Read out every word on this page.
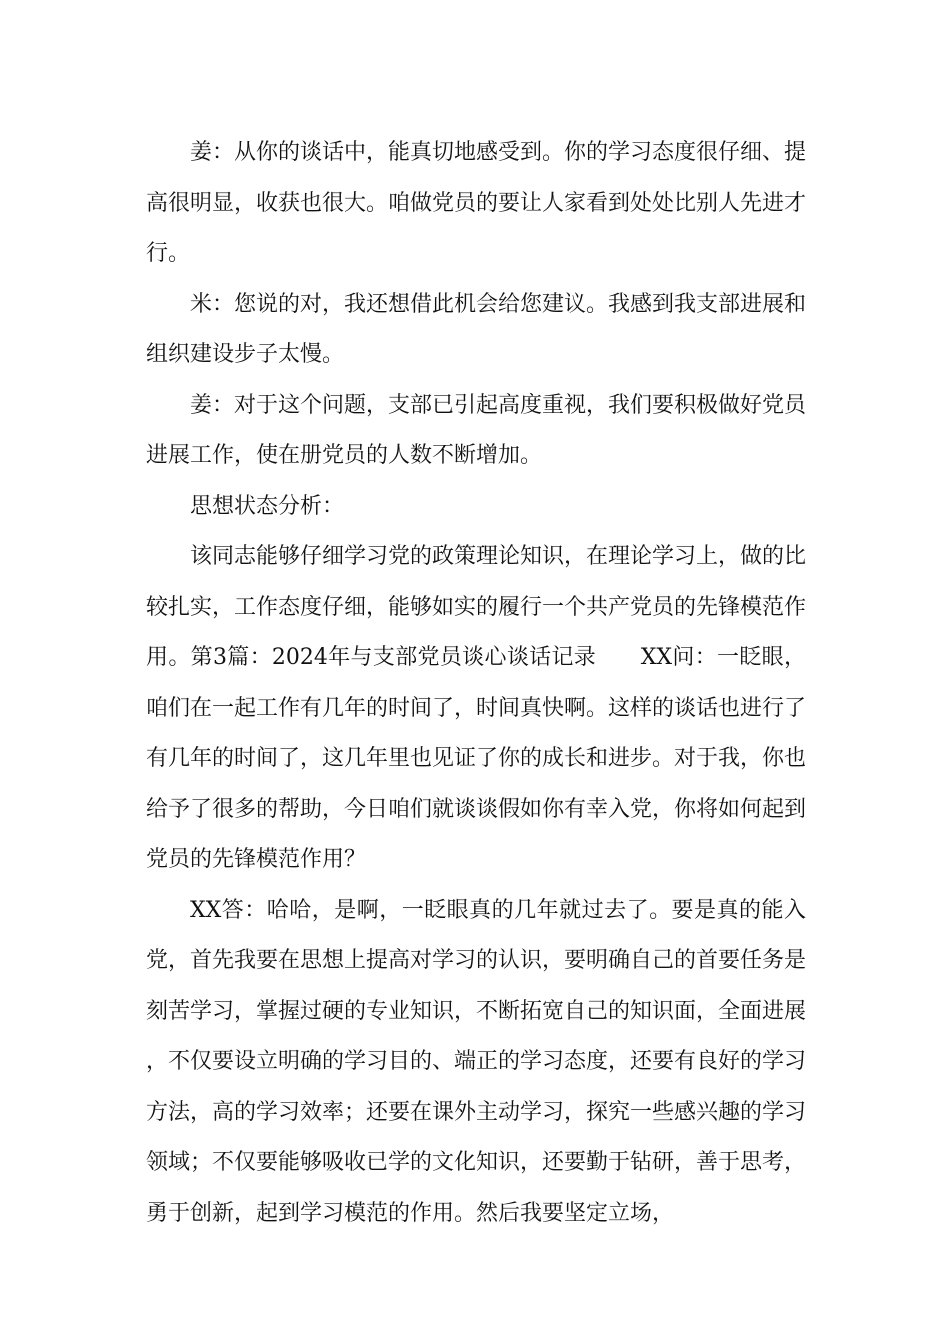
姜：从你的谈话中，能真切地感受到。你的学习态度很仔细、提高很明显，收获也很大。咱做党员的要让人家看到处处比别人先进才行。

米：您说的对，我还想借此机会给您建议。我感到我支部进展和组织建设步子太慢。

姜：对于这个问题，支部已引起高度重视，我们要积极做好党员进展工作，使在册党员的人数不断增加。

思想状态分析：

该同志能够仔细学习党的政策理论知识，在理论学习上，做的比较扎实，工作态度仔细，能够如实的履行一个共产党员的先锋模范作用。第3篇：2024年与支部党员谈心谈话记录　　XX问：一眨眼，咱们在一起工作有几年的时间了，时间真快啊。这样的谈话也进行了有几年的时间了，这几年里也见证了你的成长和进步。对于我，你也给予了很多的帮助，今日咱们就谈谈假如你有幸入党，你将如何起到党员的先锋模范作用？

XX答：哈哈，是啊，一眨眼真的几年就过去了。要是真的能入党，首先我要在思想上提高对学习的认识，要明确自己的首要任务是刻苦学习，掌握过硬的专业知识，不断拓宽自己的知识面，全面进展，不仅要设立明确的学习目的、端正的学习态度，还要有良好的学习方法，高的学习效率；还要在课外主动学习，探究一些感兴趣的学习领域；不仅要能够吸收已学的文化知识，还要勤于钻研，善于思考，勇于创新，起到学习模范的作用。然后我要坚定立场，
